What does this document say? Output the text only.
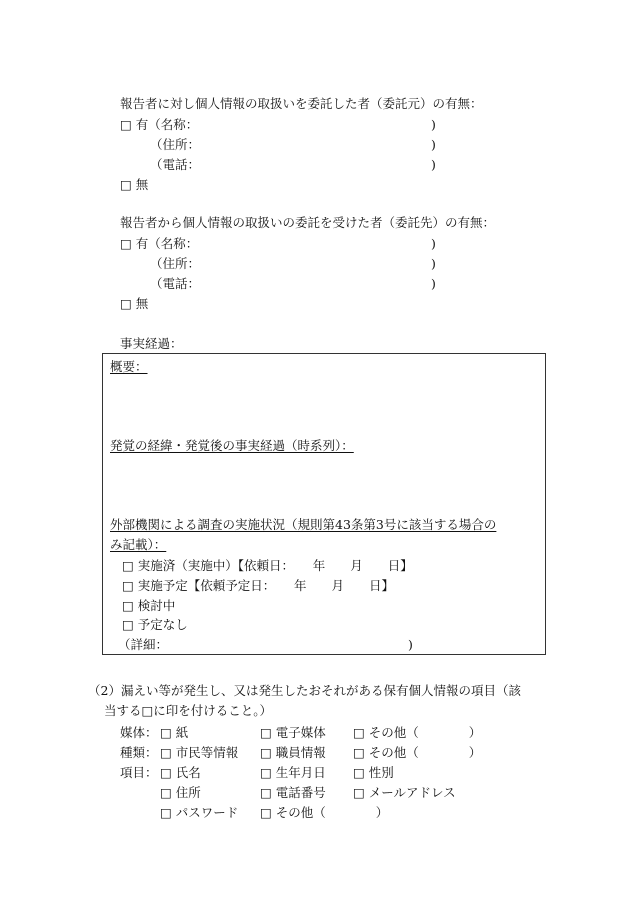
報告者に対し個人情報の取扱いを委託した者（委託元）の有無：
□ 有（名称：	)
（住所：	)
（電話：	)
□ 無
報告者から個人情報の取扱いの委託を受けた者（委託先）の有無：
□ 有（名称：	)
（住所：	)
（電話：	)
□ 無
事実経過：
概要：
発覚の経緯・発覚後の事実経過（時系列）：
外部機関による調査の実施状況（規則第43条第3号に該当する場合の
み記載）：
□ 実施済（実施中）【依頼日：　　年　　月　　日】
□ 実施予定【依頼予定日：　　年　　月　　日】
□ 検討中
□ 予定なし
（詳細：	)
（2）漏えい等が発生し、又は発生したおそれがある保有個人情報の項目（該
当する□に印を付けること。）
媒体： □ 紙	□ 電子媒体 □ その他（　　　　）
種類： □ 市民等情報 □ 職員情報 □ その他（　　　　）
項目： □ 氏名	□ 生年月日 □ 性別
□ 住所	□ 電話番号 □ メールアドレス
□ パスワード □ その他（　　　　）
